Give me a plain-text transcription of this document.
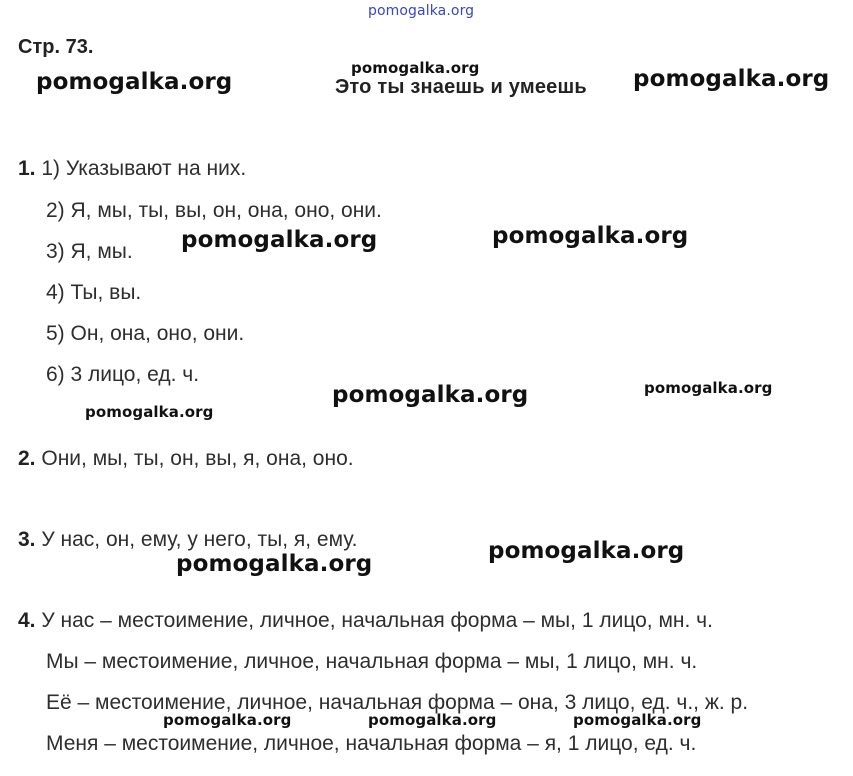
pomogalka.org
Стр. 73.
Это ты знаешь и умеешь
1. 1) Указывают на них.
2) Я, мы, ты, вы, он, она, оно, они.
3) Я, мы.
4) Ты, вы.
5) Он, она, оно, они.
6) 3 лицо, ед. ч.
2. Они, мы, ты, он, вы, я, она, оно.
3. У нас, он, ему, у него, ты, я, ему.
4. У нас – местоимение, личное, начальная форма – мы, 1 лицо, мн. ч.
Мы – местоимение, личное, начальная форма – мы, 1 лицо, мн. ч.
Её – местоимение, личное, начальная форма – она, 3 лицо, ед. ч., ж. р.
Меня – местоимение, личное, начальная форма – я, 1 лицо, ед. ч.
pomogalka.org
pomogalka.org	pomogalka.org
pomogalka.org	pomogalka.org
pomogalka.org
pomogalka.org
pomogalka.org
pomogalka.org
pomogalka.org
pomogalka.org	pomogalka.org	pomogalka.org
